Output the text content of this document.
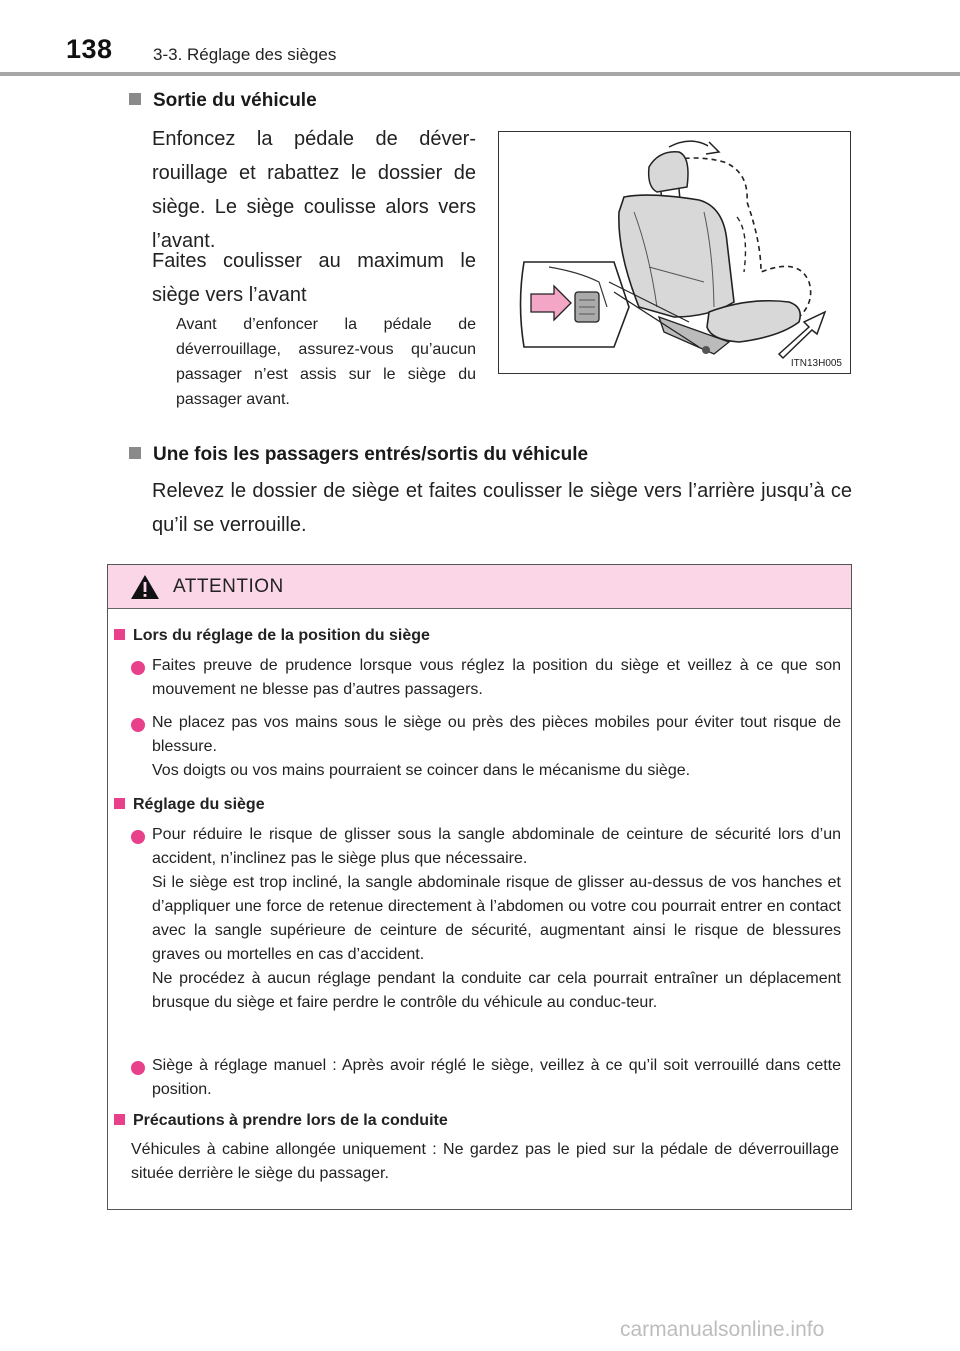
138 3-3. Réglage des sièges
Sortie du véhicule
Enfoncez la pédale de déver-rouillage et rabattez le dossier de siège. Le siège coulisse alors vers l’avant.
Faites coulisser au maximum le siège vers l’avant
Avant d’enfoncer la pédale de déverrouillage, assurez-vous qu’aucun passager n’est assis sur le siège du passager avant.
ITN13H005
Une fois les passagers entrés/sortis du véhicule
Relevez le dossier de siège et faites coulisser le siège vers l’arrière jusqu’à ce qu’il se verrouille.
ATTENTION
Lors du réglage de la position du siège
Faites preuve de prudence lorsque vous réglez la position du siège et veillez à ce que son mouvement ne blesse pas d’autres passagers.
Ne placez pas vos mains sous le siège ou près des pièces mobiles pour éviter tout risque de blessure.
Vos doigts ou vos mains pourraient se coincer dans le mécanisme du siège.
Réglage du siège
Pour réduire le risque de glisser sous la sangle abdominale de ceinture de sécurité lors d’un accident, n’inclinez pas le siège plus que nécessaire.
Si le siège est trop incliné, la sangle abdominale risque de glisser au-dessus de vos hanches et d’appliquer une force de retenue directement à l’abdomen ou votre cou pourrait entrer en contact avec la sangle supérieure de ceinture de sécurité, augmentant ainsi le risque de blessures graves ou mortelles en cas d’accident.
Ne procédez à aucun réglage pendant la conduite car cela pourrait entraîner un déplacement brusque du siège et faire perdre le contrôle du véhicule au conduc-teur.
Siège à réglage manuel : Après avoir réglé le siège, veillez à ce qu’il soit verrouillé dans cette position.
Précautions à prendre lors de la conduite
Véhicules à cabine allongée uniquement : Ne gardez pas le pied sur la pédale de déverrouillage située derrière le siège du passager.
carmanualsonline.info
